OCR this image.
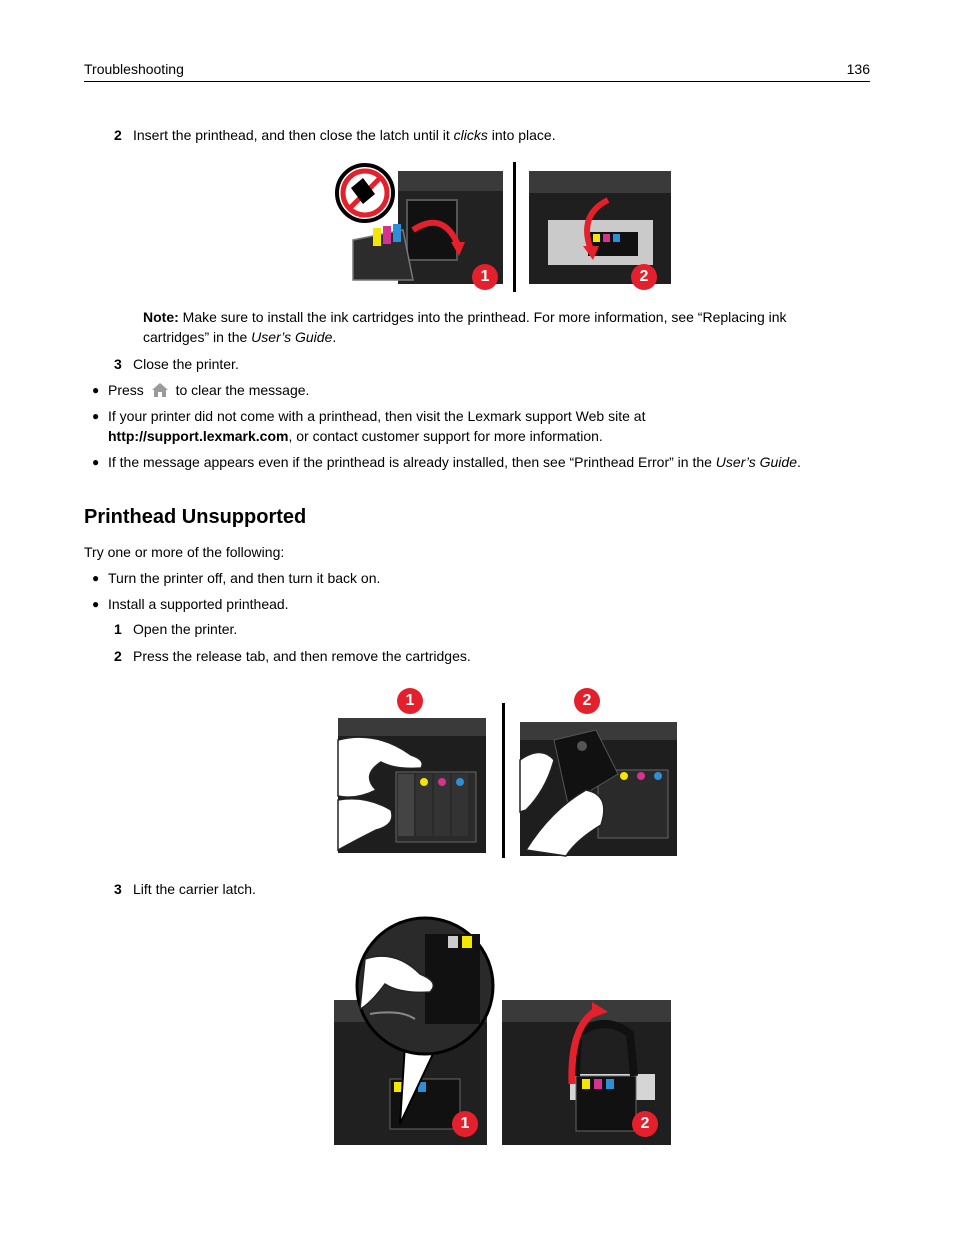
Troubleshooting	136
2 Insert the printhead, and then close the latch until it clicks into place.
1	2
Note: Make sure to install the ink cartridges into the printhead. For more information, see “Replacing ink
cartridges” in the User’s Guide.
3 Close the printer.
● Press  to clear the message.
● If your printer did not come with a printhead, then visit the Lexmark support Web site at
http://support.lexmark.com, or contact customer support for more information.
● If the message appears even if the printhead is already installed, then see “Printhead Error” in the User’s Guide.
Printhead Unsupported
Try one or more of the following:
● Turn the printer off, and then turn it back on.
● Install a supported printhead.
1 Open the printer.
2 Press the release tab, and then remove the cartridges.
1	2
3 Lift the carrier latch.
1	2
